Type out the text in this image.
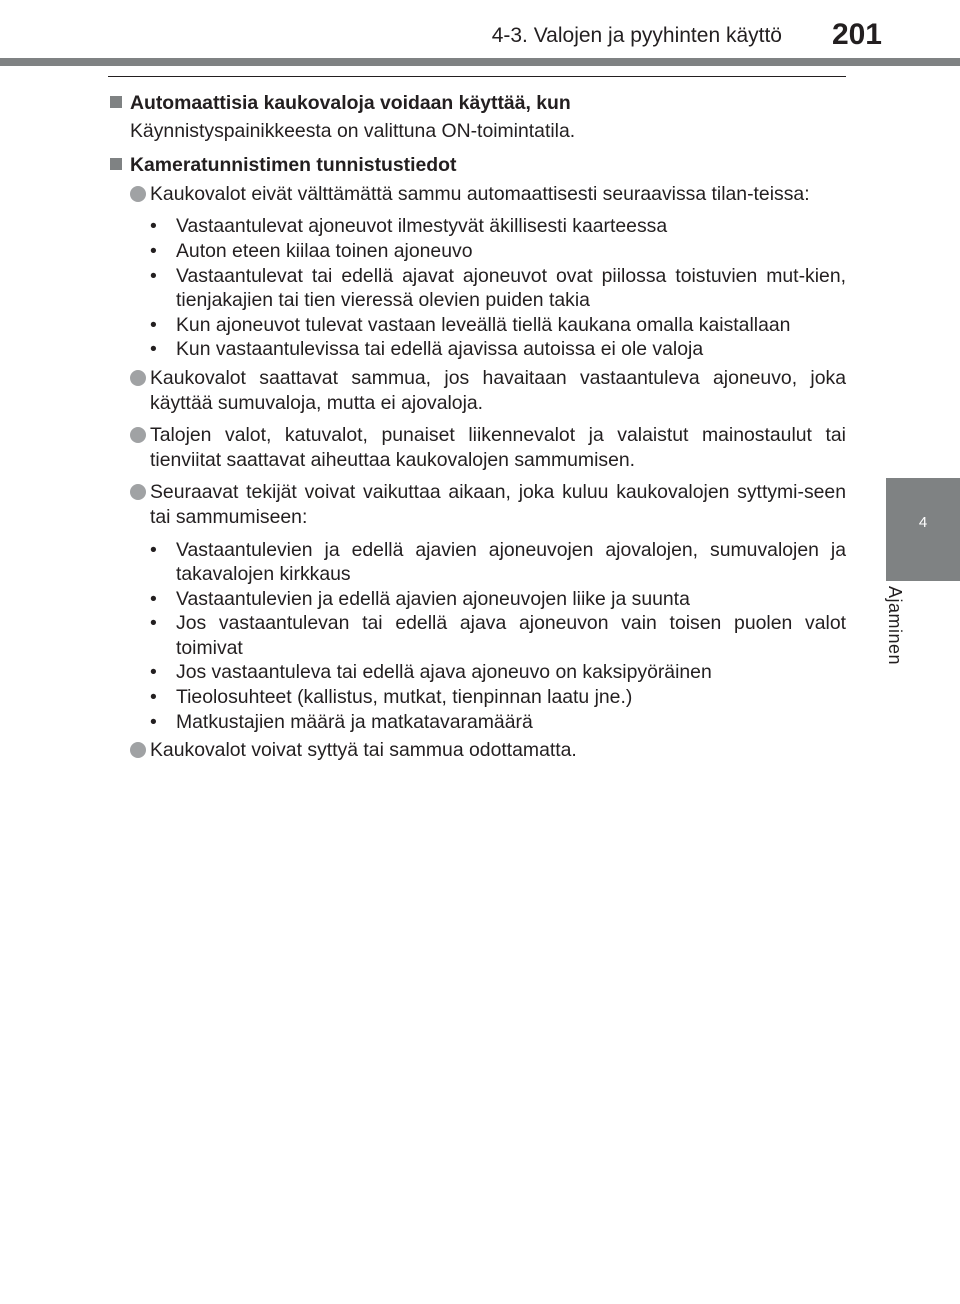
4-3. Valojen ja pyyhinten käyttö 201
4
Ajaminen
Automaattisia kaukovaloja voidaan käyttää, kun
Käynnistyspainikkeesta on valittuna ON-toimintatila.
Kameratunnistimen tunnistustiedot
Kaukovalot eivät välttämättä sammu automaattisesti seuraavissa tilan-teissa:
• Vastaantulevat ajoneuvot ilmestyvät äkillisesti kaarteessa
• Auton eteen kiilaa toinen ajoneuvo
• Vastaantulevat tai edellä ajavat ajoneuvot ovat piilossa toistuvien mut-kien, tienjakajien tai tien vieressä olevien puiden takia
• Kun ajoneuvot tulevat vastaan leveällä tiellä kaukana omalla kaistallaan
• Kun vastaantulevissa tai edellä ajavissa autoissa ei ole valoja
Kaukovalot saattavat sammua, jos havaitaan vastaantuleva ajoneuvo, joka käyttää sumuvaloja, mutta ei ajovaloja.
Talojen valot, katuvalot, punaiset liikennevalot ja valaistut mainostaulut tai tienviitat saattavat aiheuttaa kaukovalojen sammumisen.
Seuraavat tekijät voivat vaikuttaa aikaan, joka kuluu kaukovalojen syttymi-seen tai sammumiseen:
• Vastaantulevien ja edellä ajavien ajoneuvojen ajovalojen, sumuvalojen ja takavalojen kirkkaus
• Vastaantulevien ja edellä ajavien ajoneuvojen liike ja suunta
• Jos vastaantulevan tai edellä ajava ajoneuvon vain toisen puolen valot toimivat
• Jos vastaantuleva tai edellä ajava ajoneuvo on kaksipyöräinen
• Tieolosuhteet (kallistus, mutkat, tienpinnan laatu jne.)
• Matkustajien määrä ja matkatavaramäärä
Kaukovalot voivat syttyä tai sammua odottamatta.
